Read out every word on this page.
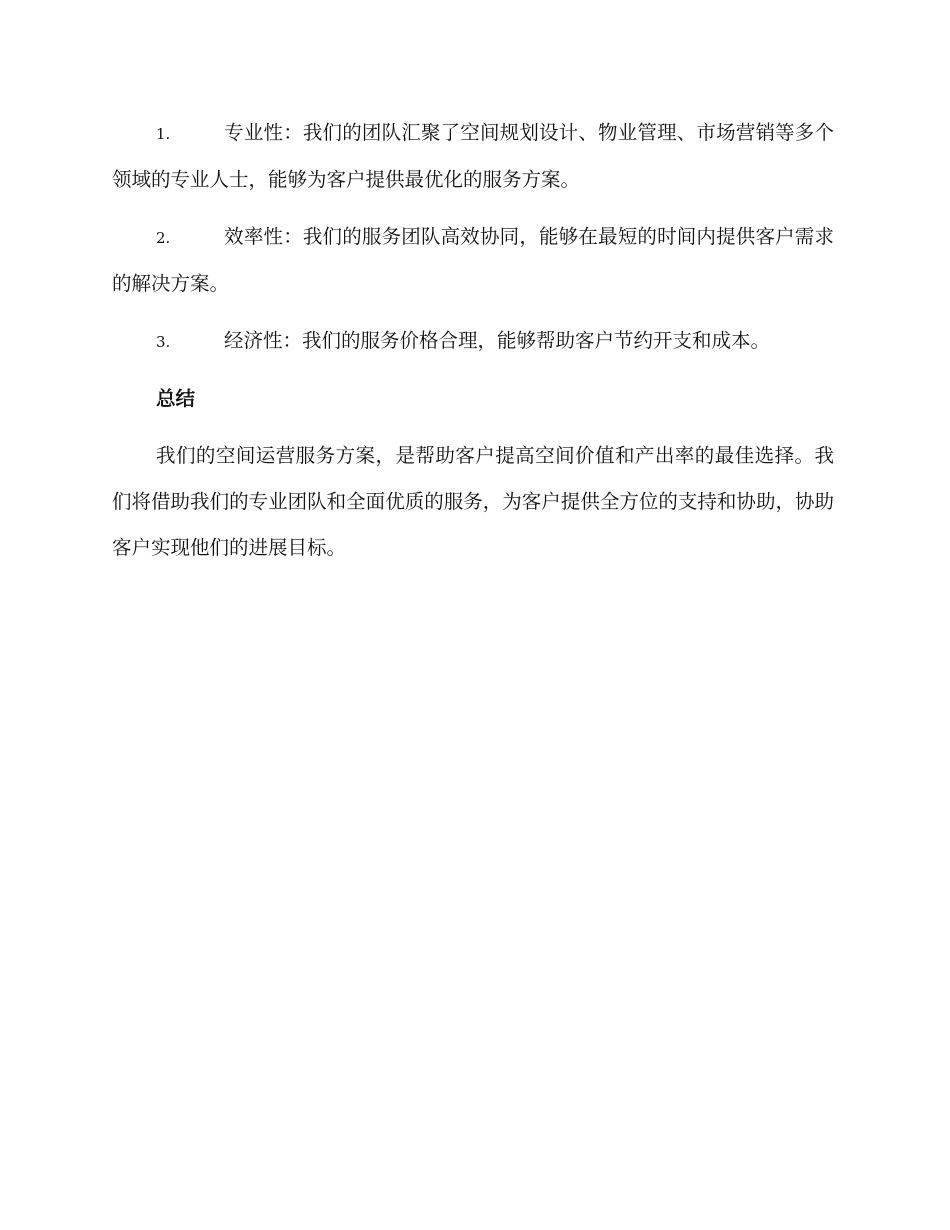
1.	专业性：我们的团队汇聚了空间规划设计、物业管理、市场营销等多个领域的专业人士，能够为客户提供最优化的服务方案。
2.	效率性：我们的服务团队高效协同，能够在最短的时间内提供客户需求的解决方案。
3.	经济性：我们的服务价格合理，能够帮助客户节约开支和成本。
总结

我们的空间运营服务方案，是帮助客户提高空间价值和产出率的最佳选择。我们将借助我们的专业团队和全面优质的服务，为客户提供全方位的支持和协助，协助客户实现他们的进展目标。
